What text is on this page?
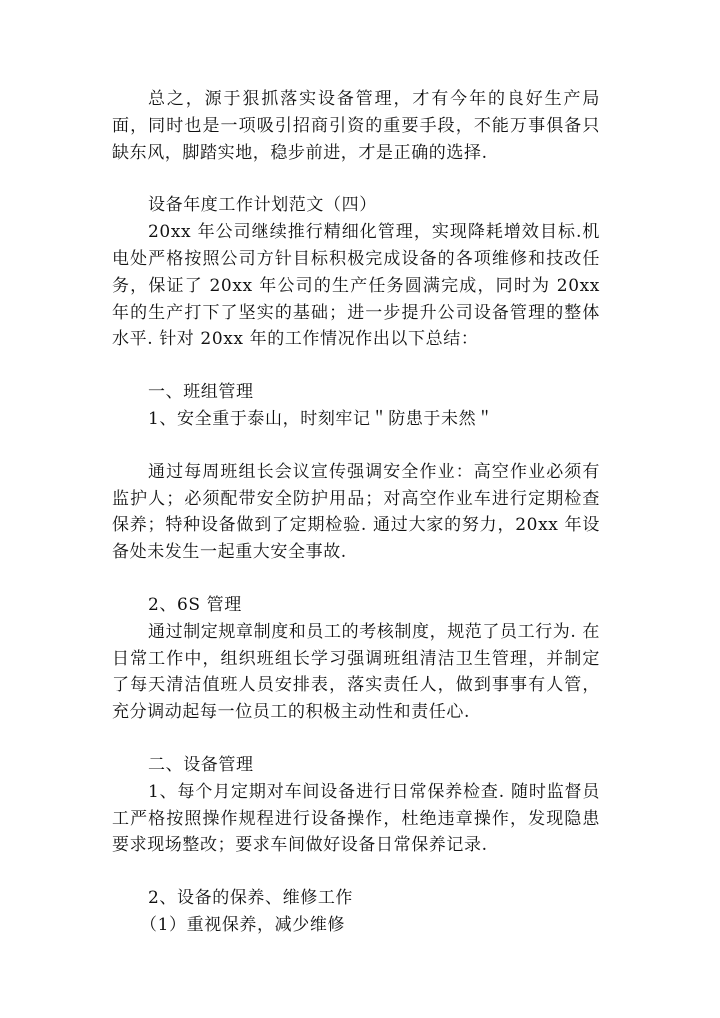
总之，源于狠抓落实设备管理，才有今年的良好生产局面，同时也是一项吸引招商引资的重要手段，不能万事俱备只缺东风，脚踏实地，稳步前进，才是正确的选择.

设备年度工作计划范文（四）

20xx 年公司继续推行精细化管理，实现降耗增效目标.机电处严格按照公司方针目标积极完成设备的各项维修和技改任务，保证了 20xx 年公司的生产任务圆满完成，同时为 20xx 年的生产打下了坚实的基础；进一步提升公司设备管理的整体水平. 针对 20xx 年的工作情况作出以下总结：

一、班组管理

1、安全重于泰山，时刻牢记＂防患于未然＂

通过每周班组长会议宣传强调安全作业：高空作业必须有监护人；必须配带安全防护用品；对高空作业车进行定期检查保养；特种设备做到了定期检验. 通过大家的努力，20xx 年设备处未发生一起重大安全事故.

2、6S 管理

通过制定规章制度和员工的考核制度，规范了员工行为. 在日常工作中，组织班组长学习强调班组清洁卫生管理，并制定了每天清洁值班人员安排表，落实责任人，做到事事有人管，充分调动起每一位员工的积极主动性和责任心.

二、设备管理

1、每个月定期对车间设备进行日常保养检查. 随时监督员工严格按照操作规程进行设备操作，杜绝违章操作，发现隐患要求现场整改；要求车间做好设备日常保养记录.

2、设备的保养、维修工作

（1）重视保养，减少维修
